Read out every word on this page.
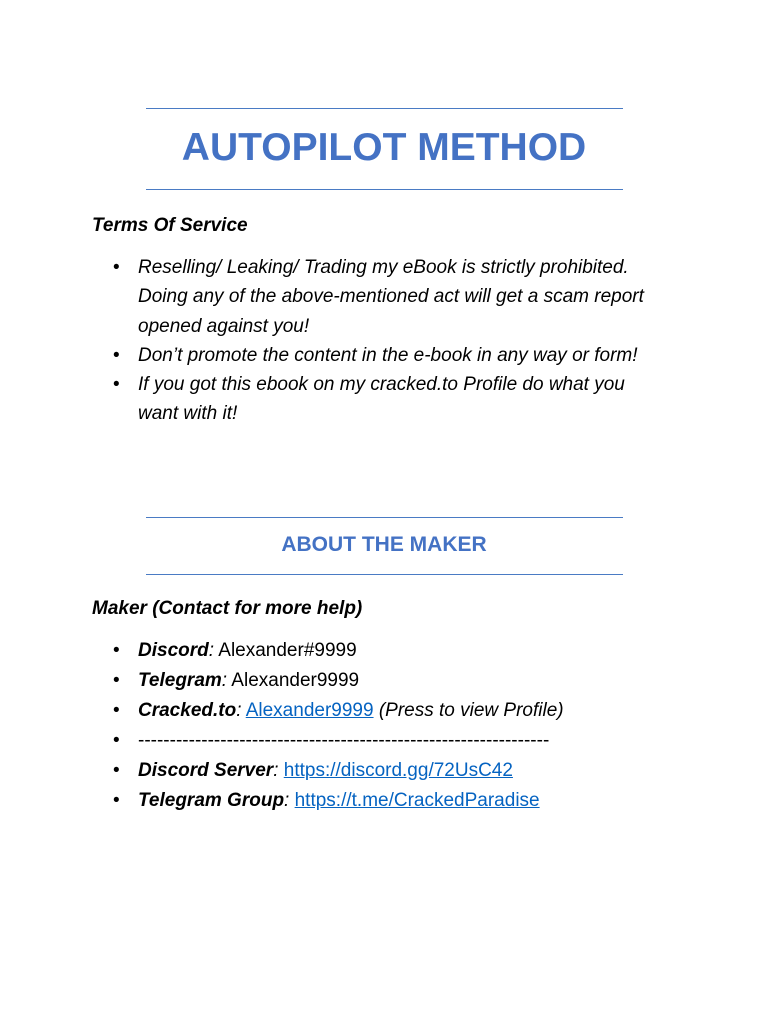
AUTOPILOT METHOD
Terms Of Service
• Reselling/ Leaking/ Trading my eBook is strictly prohibited. Doing any of the above-mentioned act will get a scam report opened against you!
• Don’t promote the content in the e-book in any way or form!
• If you got this ebook on my cracked.to Profile do what you want with it!
ABOUT THE MAKER
Maker (Contact for more help)
• Discord: Alexander#9999
• Telegram: Alexander9999
• Cracked.to: Alexander9999 (Press to view Profile)
• -----------------------------------------------------------------
• Discord Server: https://discord.gg/72UsC42
• Telegram Group: https://t.me/CrackedParadise
